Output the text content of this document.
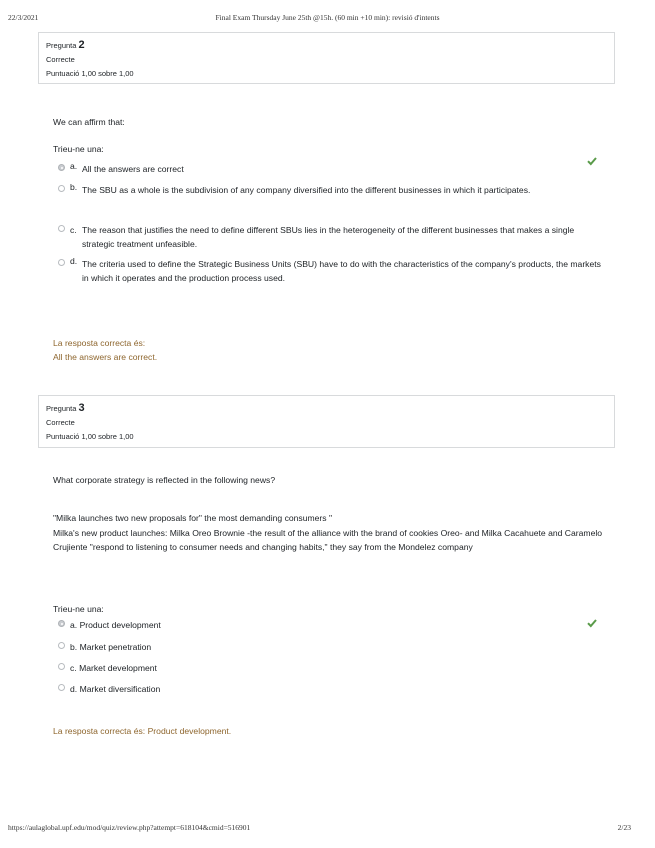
22/3/2021	Final Exam Thursday June 25th @15h. (60 min +10 min): revisió d'intents
Pregunta 2
Correcte
Puntuació 1,00 sobre 1,00
We can affirm that:
Trieu-ne una:
a. All the answers are correct
b. The SBU as a whole is the subdivision of any company diversified into the different businesses in which it participates.
c. The reason that justifies the need to define different SBUs lies in the heterogeneity of the different businesses that makes a single strategic treatment unfeasible.
d. The criteria used to define the Strategic Business Units (SBU) have to do with the characteristics of the company's products, the markets in which it operates and the production process used.
La resposta correcta és:
All the answers are correct.
Pregunta 3
Correcte
Puntuació 1,00 sobre 1,00
What corporate strategy is reflected in the following news?
"Milka launches two new proposals for" the most demanding consumers "
Milka's new product launches: Milka Oreo Brownie -the result of the alliance with the brand of cookies Oreo- and Milka Cacahuete and Caramelo Crujiente "respond to listening to consumer needs and changing habits," they say from the Mondelez company
Trieu-ne una:
a. Product development
b. Market penetration
c. Market development
d. Market diversification
La resposta correcta és: Product development.
https://aulaglobal.upf.edu/mod/quiz/review.php?attempt=618104&cmid=516901	2/23
